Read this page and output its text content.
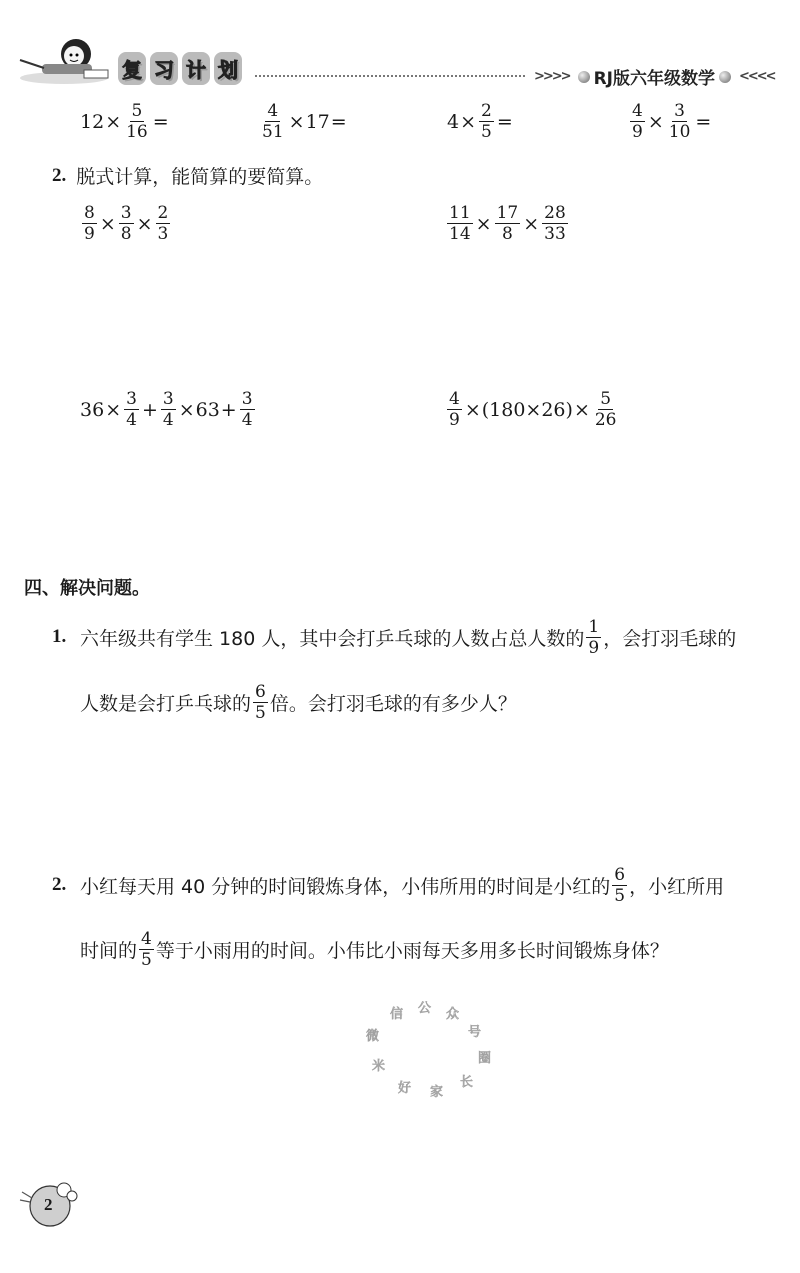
复 习 计 划	>>>> RJ版六年级数学 <<<<
$12 \times \frac{5}{16}$ =	$\frac{4}{51} \times 17$ =	$4 \times \frac{2}{5}$ =	$\frac{4}{9} \times \frac{3}{10}$ =
2. 脱式计算，能简算的要简算。
$\frac{8}{9} \times \frac{3}{8} \times \frac{2}{3}$	$\frac{11}{14} \times \frac{17}{8} \times \frac{28}{33}$
$36 \times \frac{3}{4} + \frac{3}{4} \times 63 + \frac{3}{4}$	$\frac{4}{9} \times (180\times 26) \times \frac{5}{26}$
四、解决问题。
1. 六年级共有学生 180 人，其中会打乒乓球的人数占总人数的 $\frac{1}{9}$ ，会打羽毛球的
人数是会打乒乓球的 $\frac{6}{5}$ 倍。会打羽毛球的有多少人？
2. 小红每天用 40 分钟的时间锻炼身体，小伟所用的时间是小红的 $\frac{6}{5}$ ，小红所用
时间的 $\frac{4}{5}$ 等于小雨用的时间。小伟比小雨每天多用多长时间锻炼身体？
微
信 公 众
号
圈
长
家
好
米
2
